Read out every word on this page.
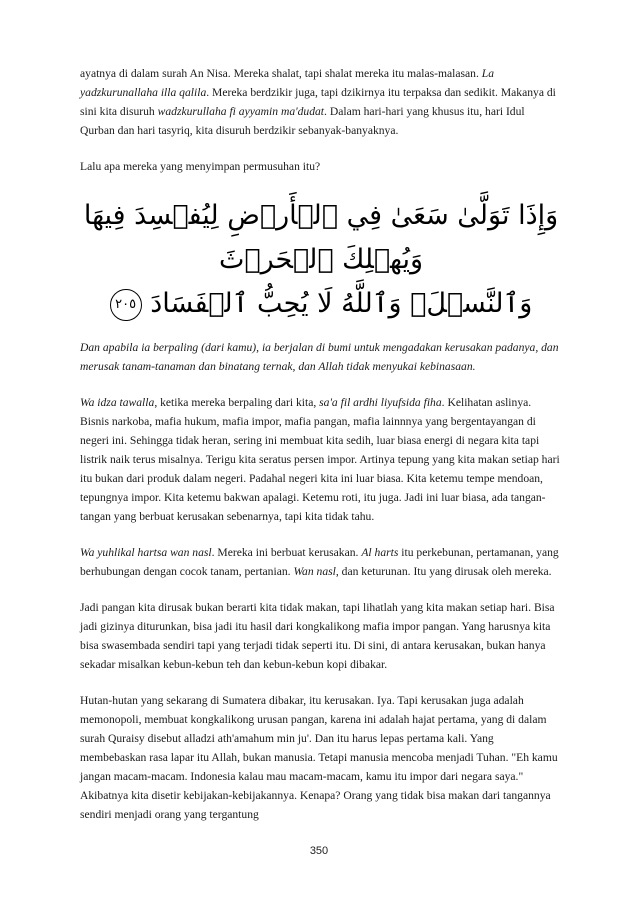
ayatnya di dalam surah An Nisa. Mereka shalat, tapi shalat mereka itu malas-malasan. La yadzkurunallaha illa qalila. Mereka berdzikir juga, tapi dzikirnya itu terpaksa dan sedikit. Makanya di sini kita disuruh wadzkurullaha fi ayyamin ma'dudat. Dalam hari-hari yang khusus itu, hari Idul Qurban dan hari tasyriq, kita disuruh berdzikir sebanyak-banyaknya.

Lalu apa mereka yang menyimpan permusuhan itu?

وَإِذَا تَوَلَّىٰ سَعَىٰ فِي ٱلۡأَرۡضِ لِيُفۡسِدَ فِيهَا وَيُهۡلِكَ ٱلۡحَرۡثَ
وَٱلنَّسۡلَۗ وَٱللَّهُ لَا يُحِبُّ ٱلۡفَسَادَ ٢٠٥

Dan apabila ia berpaling (dari kamu), ia berjalan di bumi untuk mengadakan kerusakan padanya, dan merusak tanam-tanaman dan binatang ternak, dan Allah tidak menyukai kebinasaan.

Wa idza tawalla, ketika mereka berpaling dari kita, sa'a fil ardhi liyufsida fiha. Kelihatan aslinya. Bisnis narkoba, mafia hukum, mafia impor, mafia pangan, mafia lainnnya yang bergentayangan di negeri ini. Sehingga tidak heran, sering ini membuat kita sedih, luar biasa energi di negara kita tapi listrik naik terus misalnya. Terigu kita seratus persen impor. Artinya tepung yang kita makan setiap hari itu bukan dari produk dalam negeri. Padahal negeri kita ini luar biasa. Kita ketemu tempe mendoan, tepungnya impor. Kita ketemu bakwan apalagi. Ketemu roti, itu juga. Jadi ini luar biasa, ada tangan-tangan yang berbuat kerusakan sebenarnya, tapi kita tidak tahu.

Wa yuhlikal hartsa wan nasl. Mereka ini berbuat kerusakan. Al harts itu perkebunan, pertamanan, yang berhubungan dengan cocok tanam, pertanian. Wan nasl, dan keturunan. Itu yang dirusak oleh mereka.

Jadi pangan kita dirusak bukan berarti kita tidak makan, tapi lihatlah yang kita makan setiap hari. Bisa jadi gizinya diturunkan, bisa jadi itu hasil dari kongkalikong mafia impor pangan. Yang harusnya kita bisa swasembada sendiri tapi yang terjadi tidak seperti itu. Di sini, di antara kerusakan, bukan hanya sekadar misalkan kebun-kebun teh dan kebun-kebun kopi dibakar.

Hutan-hutan yang sekarang di Sumatera dibakar, itu kerusakan. Iya. Tapi kerusakan juga adalah memonopoli, membuat kongkalikong urusan pangan, karena ini adalah hajat pertama, yang di dalam surah Quraisy disebut alladzi ath'amahum min ju'. Dan itu harus lepas pertama kali. Yang membebaskan rasa lapar itu Allah, bukan manusia. Tetapi manusia mencoba menjadi Tuhan. "Eh kamu jangan macam-macam. Indonesia kalau mau macam-macam, kamu itu impor dari negara saya." Akibatnya kita disetir kebijakan-kebijakannya. Kenapa? Orang yang tidak bisa makan dari tangannya sendiri menjadi orang yang tergantung

350
